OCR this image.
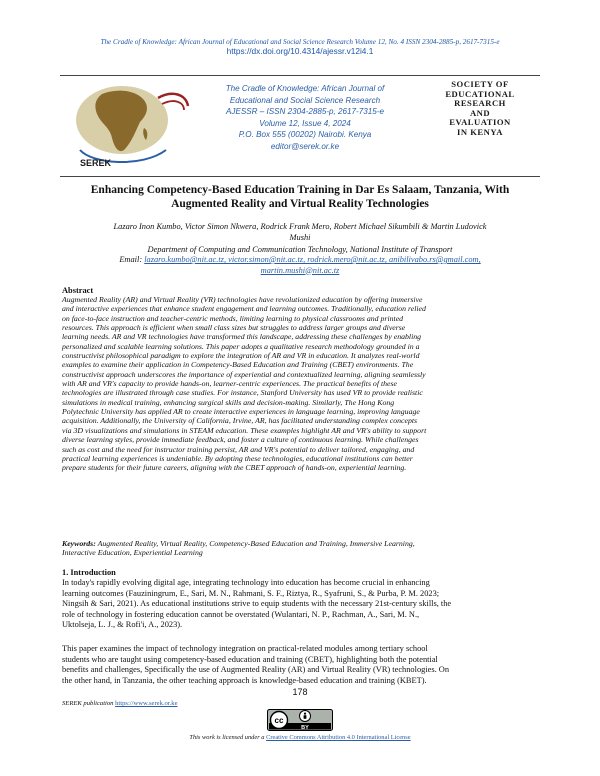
The Cradle of Knowledge: African Journal of Educational and Social Science Research Volume 12, No. 4 ISSN 2304-2885-p, 2617-7315-e
https://dx.doi.org/10.4314/ajessr.v12i4.1
SEREK
The Cradle of Knowledge: African Journal of
Educational and Social Science Research
AJESSR – ISSN 2304-2885-p, 2617-7315-e
Volume 12, Issue 4, 2024
P.O. Box 555 (00202) Nairobi. Kenya
editor@serek.or.ke
SOCIETY OF
EDUCATIONAL
RESEARCH
AND
EVALUATION
IN KENYA
Enhancing Competency-Based Education Training in Dar Es Salaam, Tanzania, With
Augmented Reality and Virtual Reality Technologies
Lazaro Inon Kumbo, Victor Simon Nkwera, Rodrick Frank Mero, Robert Michael Sikumbili & Martin Ludovick
Mushi
Department of Computing and Communication Technology, National Institute of Transport
Email: lazaro.kumbo@nit.ac.tz, victor.simon@nit.ac.tz, rodrick.mero@nit.ac.tz, anibilivabo.rs@gmail.com,
martin.mushi@nit.ac.tz
Abstract
Augmented Reality (AR) and Virtual Reality (VR) technologies have revolutionized education by offering immersive
and interactive experiences that enhance student engagement and learning outcomes. Traditionally, education relied
on face-to-face instruction and teacher-centric methods, limiting learning to physical classrooms and printed
resources. This approach is efficient when small class sizes but struggles to address larger groups and diverse
learning needs. AR and VR technologies have transformed this landscape, addressing these challenges by enabling
personalized and scalable learning solutions. This paper adopts a qualitative research methodology grounded in a
constructivist philosophical paradigm to explore the integration of AR and VR in education. It analyzes real-world
examples to examine their application in Competency-Based Education and Training (CBET) environments. The
constructivist approach underscores the importance of experiential and contextualized learning, aligning seamlessly
with AR and VR's capacity to provide hands-on, learner-centric experiences. The practical benefits of these
technologies are illustrated through case studies. For instance, Stanford University has used VR to provide realistic
simulations in medical training, enhancing surgical skills and decision-making. Similarly, The Hong Kong
Polytechnic University has applied AR to create interactive experiences in language learning, improving language
acquisition. Additionally, the University of California, Irvine, AR, has facilitated understanding complex concepts
via 3D visualizations and simulations in STEAM education. These examples highlight AR and VR's ability to support
diverse learning styles, provide immediate feedback, and foster a culture of continuous learning. While challenges
such as cost and the need for instructor training persist, AR and VR's potential to deliver tailored, engaging, and
practical learning experiences is undeniable. By adopting these technologies, educational institutions can better
prepare students for their future careers, aligning with the CBET approach of hands-on, experiential learning.
Keywords: Augmented Reality, Virtual Reality, Competency-Based Education and Training, Immersive Learning,
Interactive Education, Experiential Learning
1. Introduction
In today's rapidly evolving digital age, integrating technology into education has become crucial in enhancing
learning outcomes (Fauziningrum, E., Sari, M. N., Rahmani, S. F., Riztya, R., Syafruni, S., & Purba, P. M. 2023;
Ningsih & Sari, 2021). As educational institutions strive to equip students with the necessary 21st-century skills, the
role of technology in fostering education cannot be overstated (Wulantari, N. P., Rachman, A., Sari, M. N.,
Uktolseja, L. J., & Rofi'i, A., 2023).
This paper examines the impact of technology integration on practical-related modules among tertiary school
students who are taught using competency-based education and training (CBET), highlighting both the potential
benefits and challenges, Specifically the use of Augmented Reality (AR) and Virtual Reality (VR) technologies. On
the other hand, in Tanzania, the other teaching approach is knowledge-based education and training (KBET).
178
SEREK publication https://www.serek.or.ke
cc
BY
This work is licensed under a Creative Commons Attribution 4.0 International License
